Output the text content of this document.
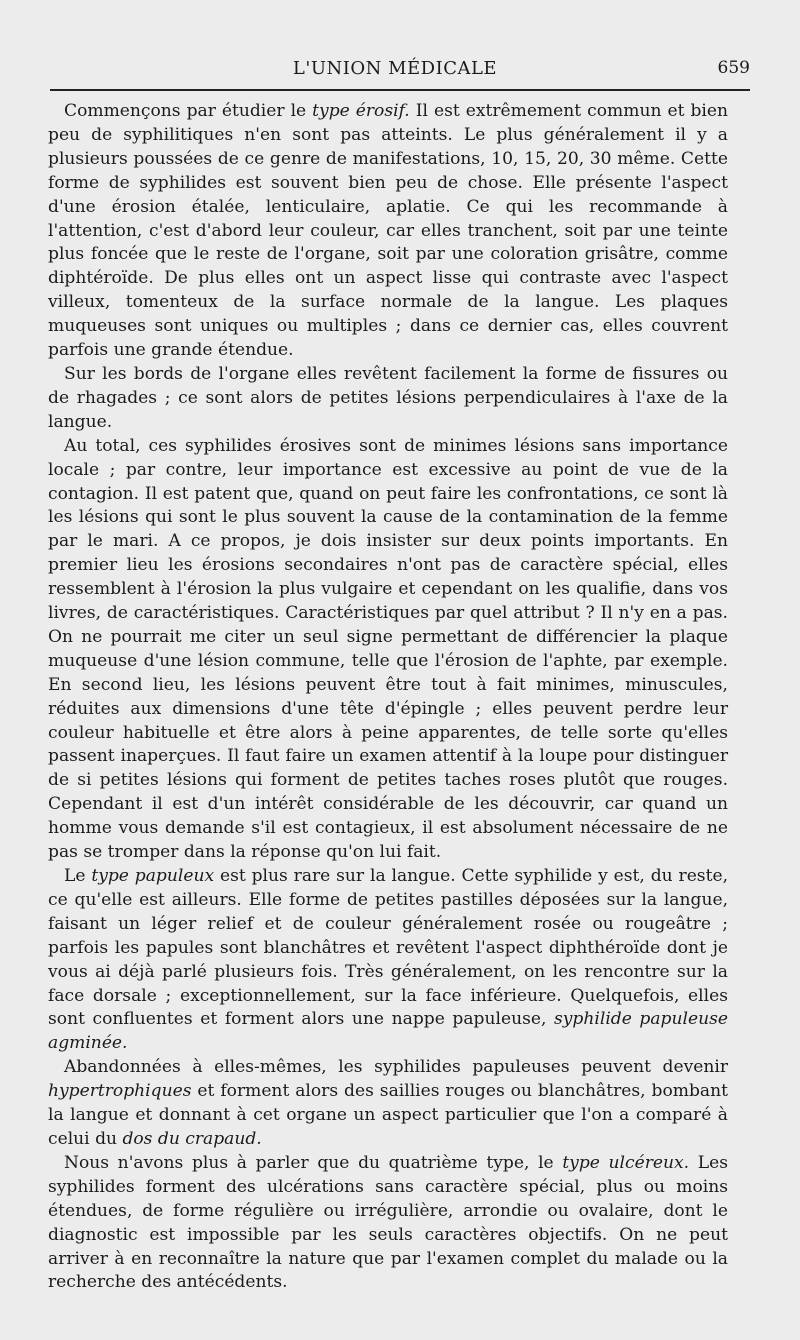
L'UNION MÉDICALE	659

Commençons par étudier le type érosif. Il est extrêmement commun et bien peu de syphilitiques n'en sont pas atteints. Le plus généralement il y a plusieurs poussées de ce genre de manifestations, 10, 15, 20, 30 même. Cette forme de syphilides est souvent bien peu de chose. Elle présente l'aspect d'une érosion étalée, lenticulaire, aplatie. Ce qui les recommande à l'attention, c'est d'abord leur couleur, car elles tranchent, soit par une teinte plus foncée que le reste de l'organe, soit par une coloration grisâtre, comme diphtéroïde. De plus elles ont un aspect lisse qui contraste avec l'aspect villeux, tomenteux de la surface normale de la langue. Les plaques muqueuses sont uniques ou multiples ; dans ce dernier cas, elles couvrent parfois une grande étendue.

Sur les bords de l'organe elles revêtent facilement la forme de fissures ou de rhagades ; ce sont alors de petites lésions perpendiculaires à l'axe de la langue.

Au total, ces syphilides érosives sont de minimes lésions sans importance locale ; par contre, leur importance est excessive au point de vue de la contagion. Il est patent que, quand on peut faire les confrontations, ce sont là les lésions qui sont le plus souvent la cause de la contamination de la femme par le mari. A ce propos, je dois insister sur deux points importants. En premier lieu les érosions secondaires n'ont pas de caractère spécial, elles ressemblent à l'érosion la plus vulgaire et cependant on les qualifie, dans vos livres, de caractéristiques. Caractéristiques par quel attribut ? Il n'y en a pas. On ne pourrait me citer un seul signe permettant de différencier la plaque muqueuse d'une lésion commune, telle que l'érosion de l'aphte, par exemple. En second lieu, les lésions peuvent être tout à fait minimes, minuscules, réduites aux dimensions d'une tête d'épingle ; elles peuvent perdre leur couleur habituelle et être alors à peine apparentes, de telle sorte qu'elles passent inaperçues. Il faut faire un examen attentif à la loupe pour distinguer de si petites lésions qui forment de petites taches roses plutôt que rouges. Cependant il est d'un intérêt considérable de les découvrir, car quand un homme vous demande s'il est contagieux, il est absolument nécessaire de ne pas se tromper dans la réponse qu'on lui fait.

Le type papuleux est plus rare sur la langue. Cette syphilide y est, du reste, ce qu'elle est ailleurs. Elle forme de petites pastilles déposées sur la langue, faisant un léger relief et de couleur généralement rosée ou rougeâtre ; parfois les papules sont blanchâtres et revêtent l'aspect diphthéroïde dont je vous ai déjà parlé plusieurs fois. Très généralement, on les rencontre sur la face dorsale ; exceptionnellement, sur la face inférieure. Quelquefois, elles sont confluentes et forment alors une nappe papuleuse, syphilide papuleuse agminée.

Abandonnées à elles-mêmes, les syphilides papuleuses peuvent devenir hypertrophiques et forment alors des saillies rouges ou blanchâtres, bombant la langue et donnant à cet organe un aspect particulier que l'on a comparé à celui du dos du crapaud.

Nous n'avons plus à parler que du quatrième type, le type ulcéreux. Les syphilides forment des ulcérations sans caractère spécial, plus ou moins étendues, de forme régulière ou irrégulière, arrondie ou ovalaire, dont le diagnostic est impossible par les seuls caractères objectifs. On ne peut arriver à en reconnaître la nature que par l'examen complet du malade ou la recherche des antécédents.
